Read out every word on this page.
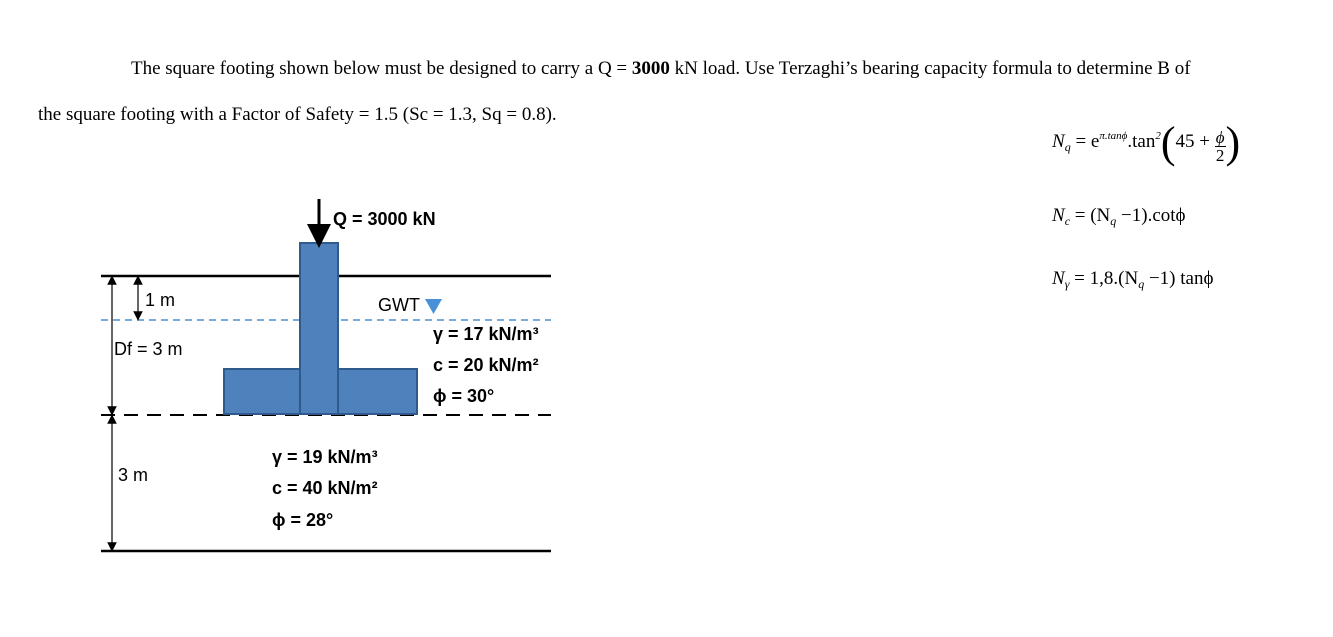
The square footing shown below must be designed to carry a Q = 3000 kN load. Use Terzaghi’s bearing capacity formula to determine B of
the square footing with a Factor of Safety = 1.5 (Sc = 1.3, Sq = 0.8).
Q = 3000 kN
1 m
Df = 3 m
3 m
GWT
γ = 17 kN/m³
c = 20 kN/m²
ϕ = 30°
γ = 19 kN/m³
c = 40 kN/m²
ϕ = 28°
$N_q = e^{\pi.tan\phi}.\tan^2(45 + \frac{\phi}{2}$ )
$N_c = (N_q -1).\cot\phi$
$N_\gamma = 1,8.(N_q -1)$ tanϕ
